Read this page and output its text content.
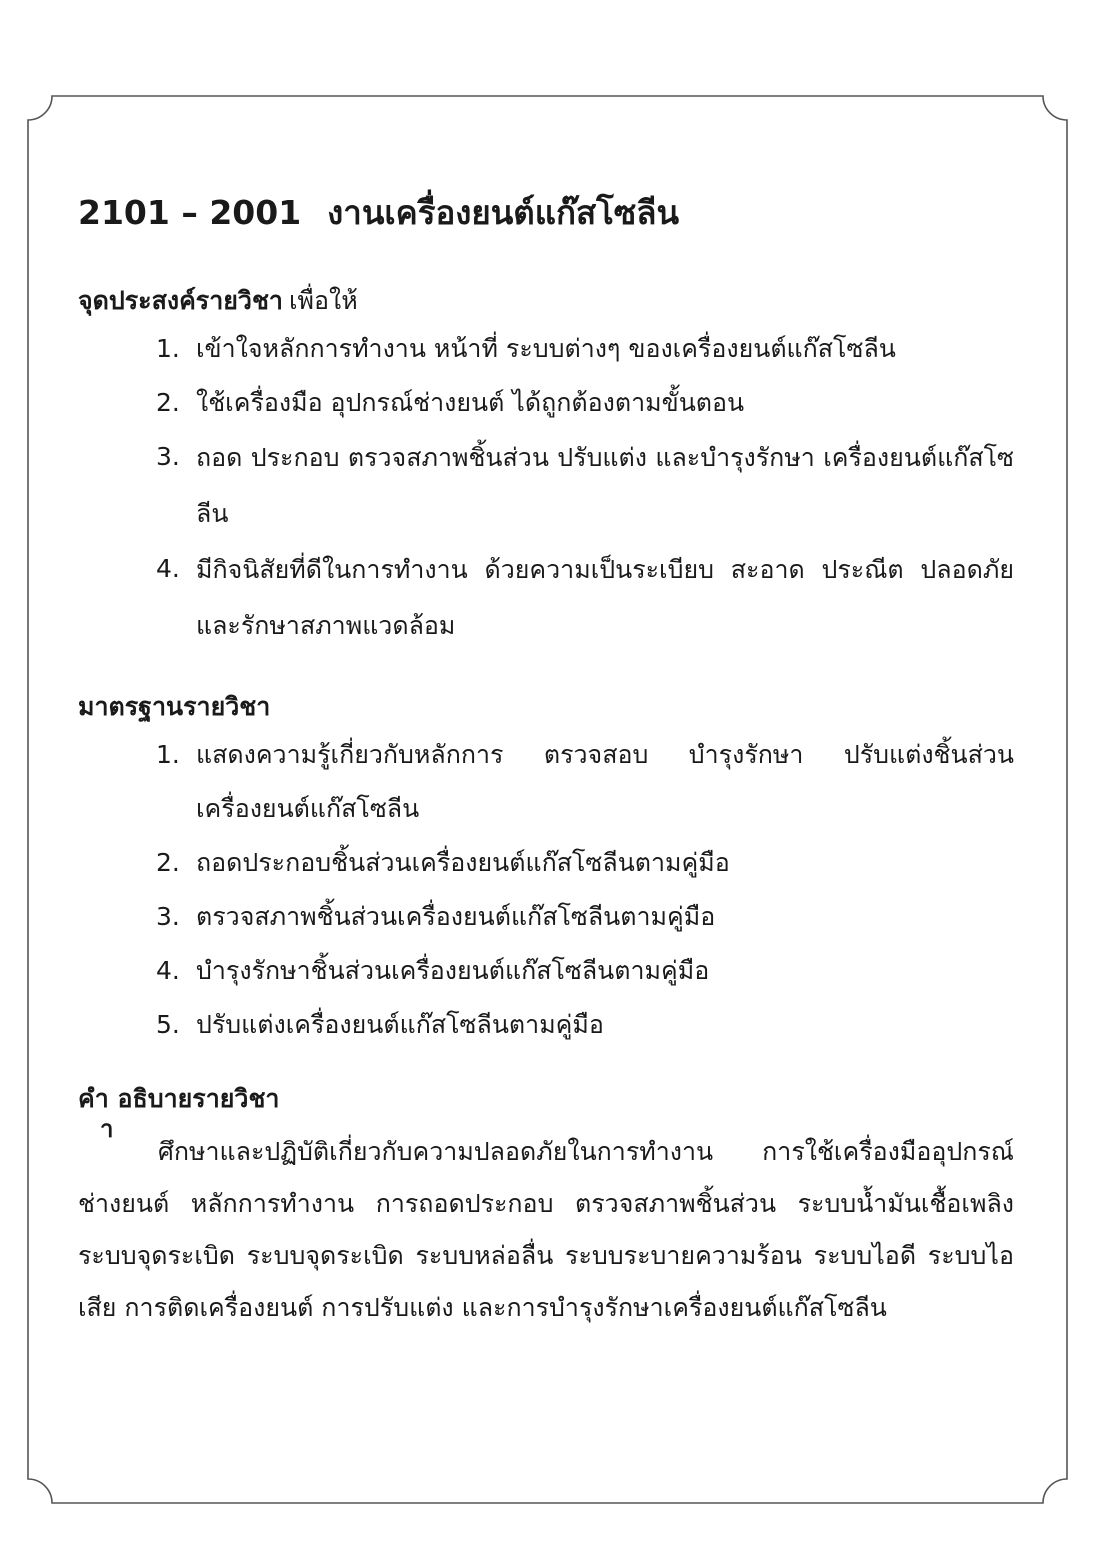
2101 – 2001 งานเครื่องยนต์แก๊สโซลีน
จุดประสงค์รายวิชา เพื่อให้
1. เข้าใจหลักการทำงาน หน้าที่ ระบบต่างๆ ของเครื่องยนต์แก๊สโซลีน
2. ใช้เครื่องมือ อุปกรณ์ช่างยนต์ ได้ถูกต้องตามขั้นตอน
3. ถอด ประกอบ ตรวจสภาพชิ้นส่วน ปรับแต่ง และบำรุงรักษา เครื่องยนต์แก๊สโซลีน
4. มีกิจนิสัยที่ดีในการทำงาน ด้วยความเป็นระเบียบ สะอาด ประณีต ปลอดภัยและรักษาสภาพแวดล้อม
มาตรฐานรายวิชา
1. แสดงความรู้เกี่ยวกับหลักการ ตรวจสอบ บำรุงรักษา ปรับแต่งชิ้นส่วนเครื่องยนต์แก๊สโซลีน
2. ถอดประกอบชิ้นส่วนเครื่องยนต์แก๊สโซลีนตามคู่มือ
3. ตรวจสภาพชิ้นส่วนเครื่องยนต์แก๊สโซลีนตามคู่มือ
4. บำรุงรักษาชิ้นส่วนเครื่องยนต์แก๊สโซลีนตามคู่มือ
5. ปรับแต่งเครื่องยนต์แก๊สโซลีนตามคู่มือ
คำ อธิบายรายวิชา
า

ศึกษาและปฏิบัติเกี่ยวกับความปลอดภัยในการทำงาน การใช้เครื่องมืออุปกรณ์ช่างยนต์ หลักการทำงาน การถอดประกอบ ตรวจสภาพชิ้นส่วน ระบบน้ำมันเชื้อเพลิง ระบบจุดระเบิด ระบบจุดระเบิด ระบบหล่อลื่น ระบบระบายความร้อน ระบบไอดี ระบบไอเสีย การติดเครื่องยนต์ การปรับแต่ง และการบำรุงรักษาเครื่องยนต์แก๊สโซลีน
